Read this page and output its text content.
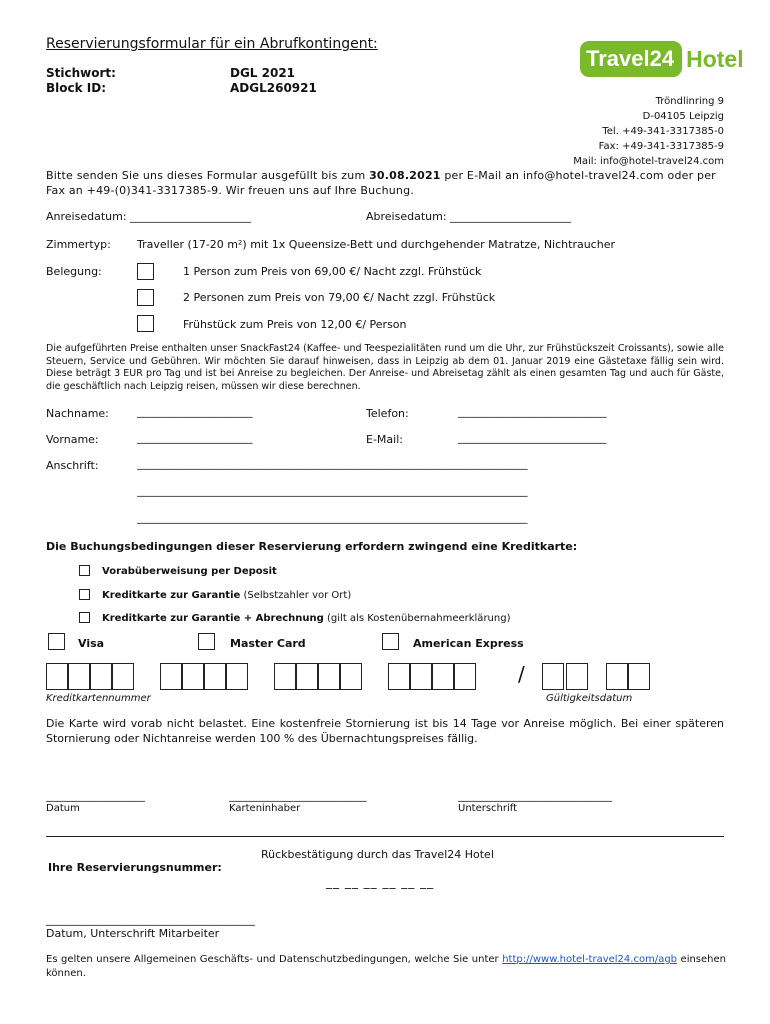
Reservierungsformular für ein Abrufkontingent:
Stichwort:	DGL 2021
Block ID:	ADGL260921
Travel24 Hotel
Tröndlinring 9
D-04105 Leipzig
Tel. +49-341-3317385-0
Fax: +49-341-3317385-9
Mail: info@hotel-travel24.com
Bitte senden Sie uns dieses Formular ausgefüllt bis zum 30.08.2021 per E-Mail an info@hotel-travel24.com oder per Fax an +49-(0)341-3317385-9. Wir freuen uns auf Ihre Buchung.
Anreisedatum: ______________________	Abreisedatum: ______________________
Zimmertyp: Traveller (17-20 m²) mit 1x Queensize-Bett und durchgehender Matratze, Nichtraucher
Belegung:	1 Person zum Preis von 69,00 €/ Nacht zzgl. Frühstück
2 Personen zum Preis von 79,00 €/ Nacht zzgl. Frühstück
Frühstück zum Preis von 12,00 €/ Person
Die aufgeführten Preise enthalten unser SnackFast24 (Kaffee- und Teespezialitäten rund um die Uhr, zur Frühstückszeit Croissants), sowie alle Steuern, Service und Gebühren. Wir möchten Sie darauf hinweisen, dass in Leipzig ab dem 01. Januar 2019 eine Gästetaxe fällig sein wird. Diese beträgt 3 EUR pro Tag und ist bei Anreise zu begleichen. Der Anreise- und Abreisetag zählt als einen gesamten Tag und auch für Gäste, die geschäftlich nach Leipzig reisen, müssen wir diese berechnen.
Nachname:	_____________________	Telefon:	___________________________
Vorname:	_____________________	E-Mail:	___________________________
Anschrift:	_______________________________________________________________________
_______________________________________________________________________
_______________________________________________________________________
Die Buchungsbedingungen dieser Reservierung erfordern zwingend eine Kreditkarte:
Vorabüberweisung per Deposit
Kreditkarte zur Garantie (Selbstzahler vor Ort)
Kreditkarte zur Garantie + Abrechnung (gilt als Kostenübernahmeerklärung)
Visa	Master Card	American Express
/
Kreditkartennummer	Gültigkeitsdatum
Die Karte wird vorab nicht belastet. Eine kostenfreie Stornierung ist bis 14 Tage vor Anreise möglich. Bei einer späteren Stornierung oder Nichtanreise werden 100 % des Übernachtungspreises fällig.
__________________
Datum
_________________________
Karteninhaber
____________________________
Unterschrift
Rückbestätigung durch das Travel24 Hotel
Ihre Reservierungsnummer:
__ __ __ __ __ __
______________________________________
Datum, Unterschrift Mitarbeiter
Es gelten unsere Allgemeinen Geschäfts- und Datenschutzbedingungen, welche Sie unter http://www.hotel-travel24.com/agb einsehen können.
